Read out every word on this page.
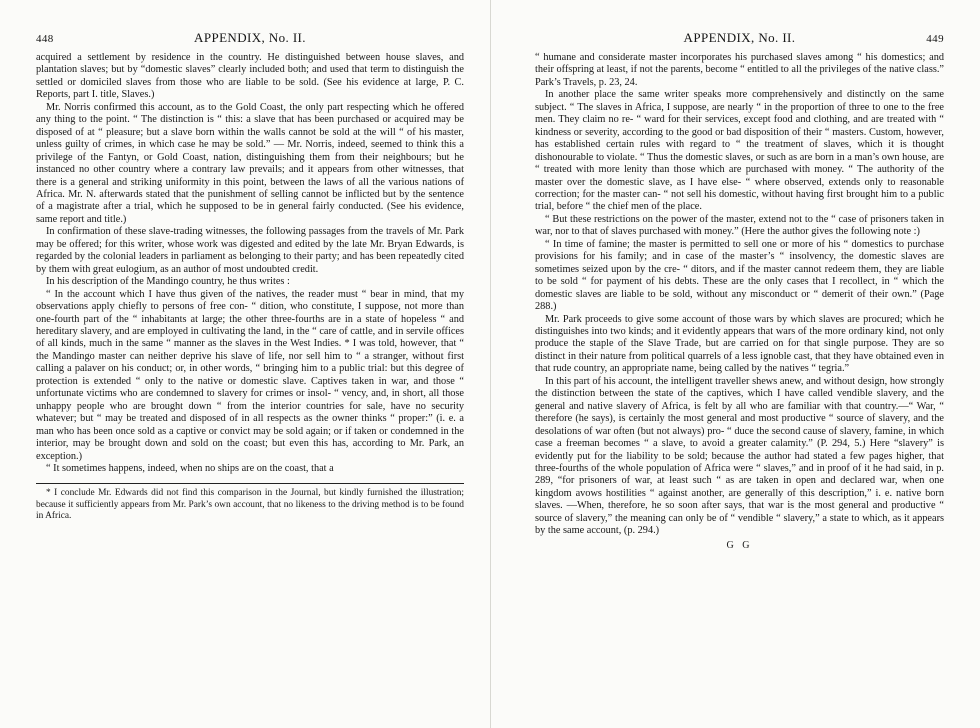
448	APPENDIX, No. II.

acquired a settlement by residence in the country. He distinguished between house slaves, and plantation slaves; but by “domestic slaves” clearly included both; and used that term to distinguish the settled or domiciled slaves from those who are liable to be sold. (See his evidence at large, P. C. Reports, part I. title, Slaves.)

Mr. Norris confirmed this account, as to the Gold Coast, the only part respecting which he offered any thing to the point. “ The distinction is “ this: a slave that has been purchased or acquired may be disposed of at “ pleasure; but a slave born within the walls cannot be sold at the will “ of his master, unless guilty of crimes, in which case he may be sold.” — Mr. Norris, indeed, seemed to think this a privilege of the Fantyn, or Gold Coast, nation, distinguishing them from their neighbours; but he instanced no other country where a contrary law prevails; and it appears from other witnesses, that there is a general and striking uniformity in this point, between the laws of all the various nations of Africa. Mr. N. afterwards stated that the punishment of selling cannot be inflicted but by the sentence of a magistrate after a trial, which he supposed to be in general fairly conducted. (See his evidence, same report and title.)

In confirmation of these slave-trading witnesses, the following passages from the travels of Mr. Park may be offered; for this writer, whose work was digested and edited by the late Mr. Bryan Edwards, is regarded by the colonial leaders in parliament as belonging to their party; and has been repeatedly cited by them with great eulogium, as an author of most undoubted credit.

In his description of the Mandingo country, he thus writes :

“ In the account which I have thus given of the natives, the reader must “ bear in mind, that my observations apply chiefly to persons of free con- “ dition, who constitute, I suppose, not more than one-fourth part of the “ inhabitants at large; the other three-fourths are in a state of hopeless “ and hereditary slavery, and are employed in cultivating the land, in the “ care of cattle, and in servile offices of all kinds, much in the same “ manner as the slaves in the West Indies. * I was told, however, that “ the Mandingo master can neither deprive his slave of life, nor sell him to “ a stranger, without first calling a palaver on his conduct; or, in other words, “ bringing him to a public trial: but this degree of protection is extended “ only to the native or domestic slave. Captives taken in war, and those “ unfortunate victims who are condemned to slavery for crimes or insol- “ vency, and, in short, all those unhappy people who are brought down “ from the interior countries for sale, have no security whatever; but “ may be treated and disposed of in all respects as the owner thinks “ proper:” (i. e. a man who has been once sold as a captive or convict may be sold again; or if taken or condemned in the interior, may be brought down and sold on the coast; but even this has, according to Mr. Park, an exception.)

“ It sometimes happens, indeed, when no ships are on the coast, that a

* I conclude Mr. Edwards did not find this comparison in the Journal, but kindly furnished the illustration; because it sufficiently appears from Mr. Park’s own account, that no likeness to the driving method is to be found in Africa.

APPENDIX, No. II.	449

“ humane and considerate master incorporates his purchased slaves among “ his domestics; and their offspring at least, if not the parents, become “ entitled to all the privileges of the native class.” Park’s Travels, p. 23, 24.

In another place the same writer speaks more comprehensively and distinctly on the same subject. “ The slaves in Africa, I suppose, are nearly “ in the proportion of three to one to the free men. They claim no re- “ ward for their services, except food and clothing, and are treated with “ kindness or severity, according to the good or bad disposition of their “ masters. Custom, however, has established certain rules with regard to “ the treatment of slaves, which it is thought dishonourable to violate. “ Thus the domestic slaves, or such as are born in a man’s own house, are “ treated with more lenity than those which are purchased with money. “ The authority of the master over the domestic slave, as I have else- “ where observed, extends only to reasonable correction; for the master can- “ not sell his domestic, without having first brought him to a public trial, before “ the chief men of the place.

“ But these restrictions on the power of the master, extend not to the “ case of prisoners taken in war, nor to that of slaves purchased with money.” (Here the author gives the following note :)

“ In time of famine; the master is permitted to sell one or more of his “ domestics to purchase provisions for his family; and in case of the master’s “ insolvency, the domestic slaves are sometimes seized upon by the cre- “ ditors, and if the master cannot redeem them, they are liable to be sold “ for payment of his debts. These are the only cases that I recollect, in “ which the domestic slaves are liable to be sold, without any misconduct or “ demerit of their own.” (Page 288.)

Mr. Park proceeds to give some account of those wars by which slaves are procured; which he distinguishes into two kinds; and it evidently appears that wars of the more ordinary kind, not only produce the staple of the Slave Trade, but are carried on for that single purpose. They are so distinct in their nature from political quarrels of a less ignoble cast, that they have obtained even in that rude country, an appropriate name, being called by the natives “ tegria.”

In this part of his account, the intelligent traveller shews anew, and without design, how strongly the distinction between the state of the captives, which I have called vendible slavery, and the general and native slavery of Africa, is felt by all who are familiar with that country.—“ War, “ therefore (he says), is certainly the most general and most productive “ source of slavery, and the desolations of war often (but not always) pro- “ duce the second cause of slavery, famine, in which case a freeman becomes “ a slave, to avoid a greater calamity.” (P. 294, 5.) Here “slavery” is evidently put for the liability to be sold; because the author had stated a few pages higher, that three-fourths of the whole population of Africa were “ slaves,” and in proof of it he had said, in p. 289, “for prisoners of war, at least such “ as are taken in open and declared war, when one kingdom avows hostilities “ against another, are generally of this description,” i. e. native born slaves. —When, therefore, he so soon after says, that war is the most general and productive “ source of slavery,” the meaning can only be of “ vendible “ slavery,” a state to which, as it appears by the same account, (p. 294.)

G G
